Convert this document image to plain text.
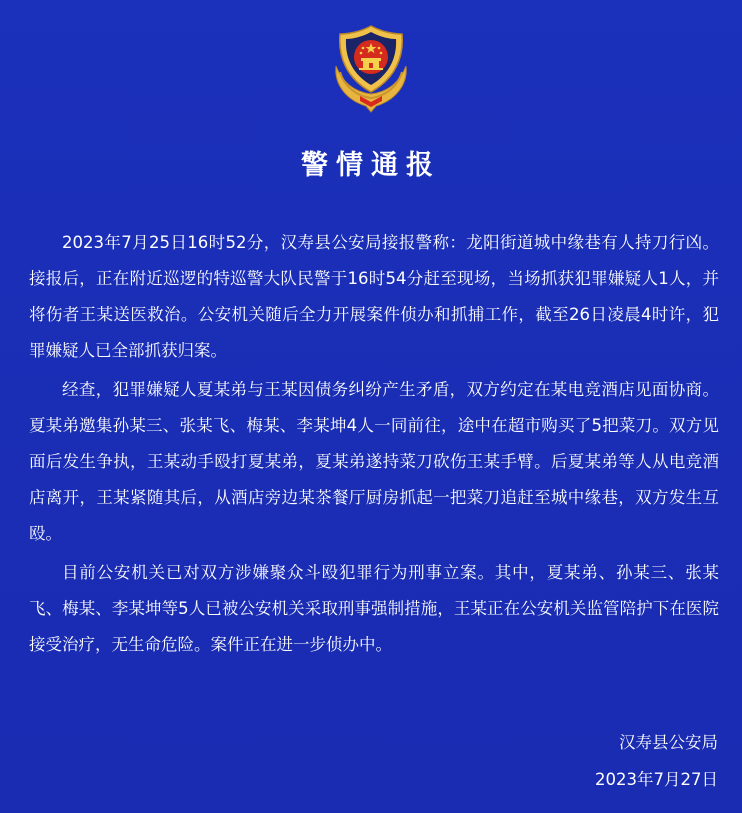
警情通报

2023年7月25日16时52分，汉寿县公安局接报警称：龙阳街道城中缘巷有人持刀行凶。接报后，正在附近巡逻的特巡警大队民警于16时54分赶至现场，当场抓获犯罪嫌疑人1人，并将伤者王某送医救治。公安机关随后全力开展案件侦办和抓捕工作，截至26日凌晨4时许，犯罪嫌疑人已全部抓获归案。

经查，犯罪嫌疑人夏某弟与王某因债务纠纷产生矛盾，双方约定在某电竞酒店见面协商。夏某弟邀集孙某三、张某飞、梅某、李某坤4人一同前往，途中在超市购买了5把菜刀。双方见面后发生争执，王某动手殴打夏某弟，夏某弟遂持菜刀砍伤王某手臂。后夏某弟等人从电竞酒店离开，王某紧随其后，从酒店旁边某茶餐厅厨房抓起一把菜刀追赶至城中缘巷，双方发生互殴。

目前公安机关已对双方涉嫌聚众斗殴犯罪行为刑事立案。其中，夏某弟、孙某三、张某飞、梅某、李某坤等5人已被公安机关采取刑事强制措施，王某正在公安机关监管陪护下在医院接受治疗，无生命危险。案件正在进一步侦办中。

汉寿县公安局
2023年7月27日
